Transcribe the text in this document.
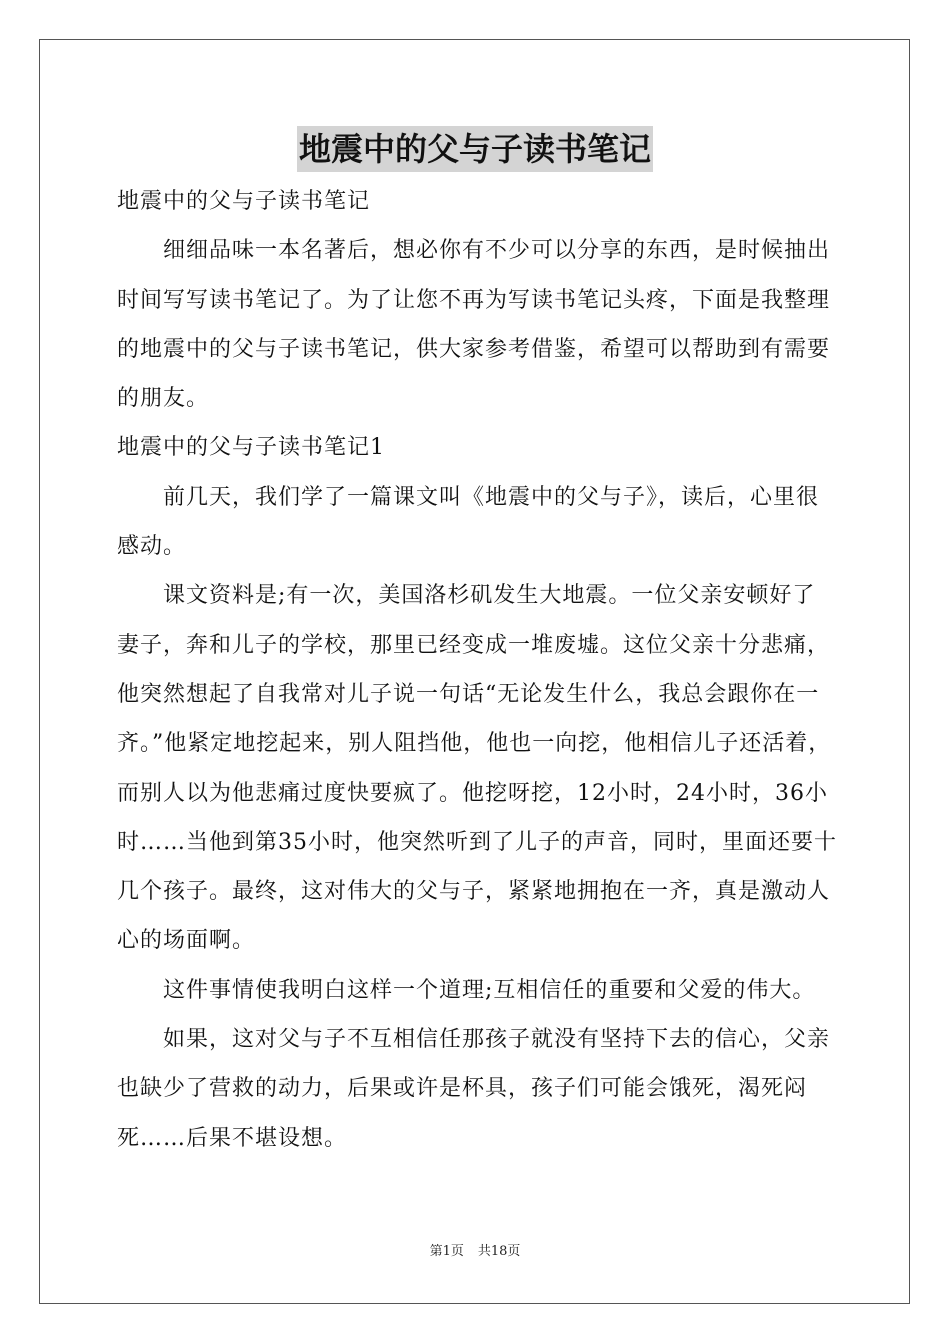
地震中的父与子读书笔记

地震中的父与子读书笔记

细细品味一本名著后，想必你有不少可以分享的东西，是时候抽出时间写写读书笔记了。为了让您不再为写读书笔记头疼，下面是我整理的地震中的父与子读书笔记，供大家参考借鉴，希望可以帮助到有需要的朋友。

地震中的父与子读书笔记1

前几天，我们学了一篇课文叫《地震中的父与子》，读后，心里很感动。

课文资料是;有一次，美国洛杉矶发生大地震。一位父亲安顿好了妻子，奔和儿子的学校，那里已经变成一堆废墟。这位父亲十分悲痛，他突然想起了自我常对儿子说一句话“无论发生什么，我总会跟你在一齐。”他紧定地挖起来，别人阻挡他，他也一向挖，他相信儿子还活着，而别人以为他悲痛过度快要疯了。他挖呀挖，12小时，24小时，36小时……当他到第35小时，他突然听到了儿子的声音，同时，里面还要十几个孩子。最终，这对伟大的父与子，紧紧地拥抱在一齐，真是激动人心的场面啊。

这件事情使我明白这样一个道理;互相信任的重要和父爱的伟大。

如果，这对父与子不互相信任那孩子就没有坚持下去的信心，父亲也缺少了营救的动力，后果或许是杯具，孩子们可能会饿死，渴死闷死……后果不堪设想。

第1页 共18页
